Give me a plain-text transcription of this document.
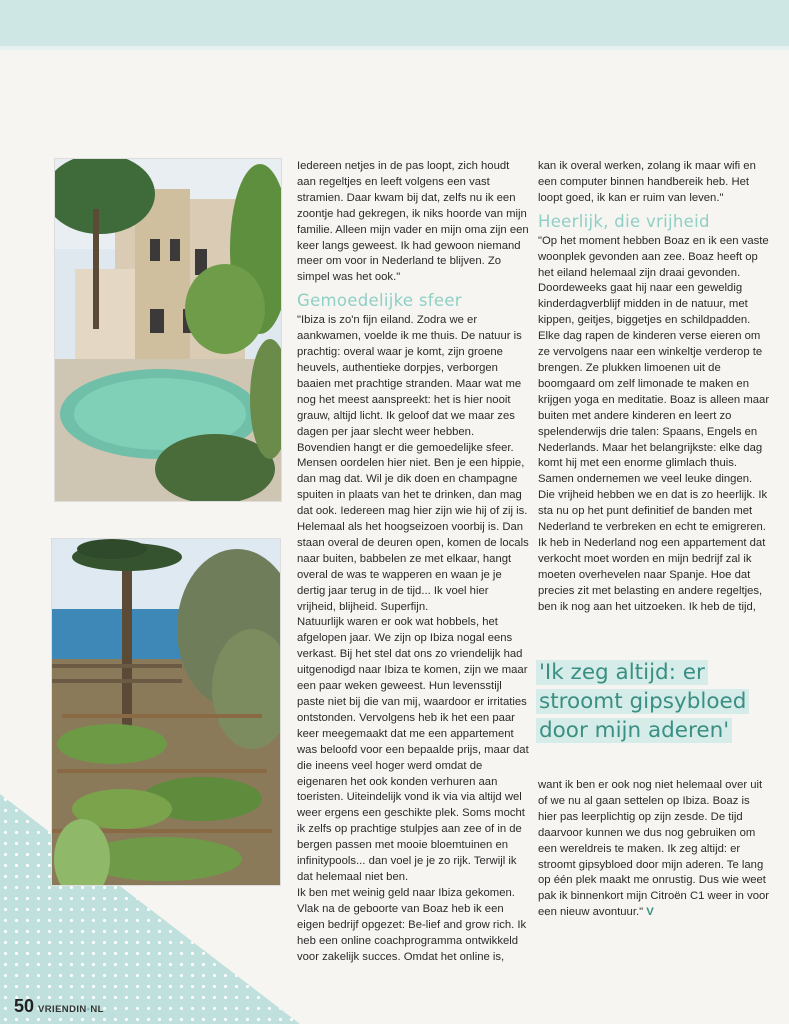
Iedereen netjes in de pas loopt, zich houdt aan regeltjes en leeft volgens een vast stramien. Daar kwam bij dat, zelfs nu ik een zoontje had gekregen, ik niks hoorde van mijn familie. Alleen mijn vader en mijn oma zijn een keer langs geweest. Ik had gewoon niemand meer om voor in Nederland te blijven. Zo simpel was het ook."

Gemoedelijke sfeer

"Ibiza is zo'n fijn eiland. Zodra we er aankwamen, voelde ik me thuis. De natuur is prachtig: overal waar je komt, zijn groene heuvels, authentieke dorpjes, verborgen baaien met prachtige stranden. Maar wat me nog het meest aanspreekt: het is hier nooit grauw, altijd licht. Ik geloof dat we maar zes dagen per jaar slecht weer hebben. Bovendien hangt er die gemoedelijke sfeer. Mensen oordelen hier niet. Ben je een hippie, dan mag dat. Wil je dik doen en champagne spuiten in plaats van het te drinken, dan mag dat ook. Iedereen mag hier zijn wie hij of zij is. Helemaal als het hoogseizoen voorbij is. Dan staan overal de deuren open, komen de locals naar buiten, babbelen ze met elkaar, hangt overal de was te wapperen en waan je je dertig jaar terug in de tijd... Ik voel hier vrijheid, blijheid. Superfijn.

Natuurlijk waren er ook wat hobbels, het afgelopen jaar. We zijn op Ibiza nogal eens verkast. Bij het stel dat ons zo vriendelijk had uitgenodigd naar Ibiza te komen, zijn we maar een paar weken geweest. Hun levensstijl paste niet bij die van mij, waardoor er irritaties ontstonden. Vervolgens heb ik het een paar keer meegemaakt dat me een appartement was beloofd voor een bepaalde prijs, maar dat die ineens veel hoger werd omdat de eigenaren het ook konden verhuren aan toeristen. Uiteindelijk vond ik via via altijd wel weer ergens een geschikte plek. Soms mocht ik zelfs op prachtige stulpjes aan zee of in de bergen passen met mooie bloemtuinen en infinitypools... dan voel je je zo rijk. Terwijl ik dat helemaal niet ben.

Ik ben met weinig geld naar Ibiza gekomen. Vlak na de geboorte van Boaz heb ik een eigen bedrijf opgezet: Be-lief and grow rich. Ik heb een online coachprogramma ontwikkeld voor zakelijk succes. Omdat het online is,

kan ik overal werken, zolang ik maar wifi en een computer binnen handbereik heb. Het loopt goed, ik kan er ruim van leven."

Heerlijk, die vrijheid

"Op het moment hebben Boaz en ik een vaste woonplek gevonden aan zee. Boaz heeft op het eiland helemaal zijn draai gevonden. Doordeweeks gaat hij naar een geweldig kinderdagverblijf midden in de natuur, met kippen, geitjes, biggetjes en schildpadden. Elke dag rapen de kinderen verse eieren om ze vervolgens naar een winkeltje verderop te brengen. Ze plukken limoenen uit de boomgaard om zelf limonade te maken en krijgen yoga en meditatie. Boaz is alleen maar buiten met andere kinderen en leert zo spelenderwijs drie talen: Spaans, Engels en Nederlands. Maar het belangrijkste: elke dag komt hij met een enorme glimlach thuis. Samen ondernemen we veel leuke dingen. Die vrijheid hebben we en dat is zo heerlijk. Ik sta nu op het punt definitief de banden met Nederland te verbreken en echt te emigreren. Ik heb in Nederland nog een appartement dat verkocht moet worden en mijn bedrijf zal ik moeten overhevelen naar Spanje. Hoe dat precies zit met belasting en andere regeltjes, ben ik nog aan het uitzoeken. Ik heb de tijd,

'Ik zeg altijd: er stroomt gipsybloed door mijn aderen'

want ik ben er ook nog niet helemaal over uit of we nu al gaan settelen op Ibiza. Boaz is hier pas leerplichtig op zijn zesde. De tijd daarvoor kunnen we dus nog gebruiken om een wereldreis te maken. Ik zeg altijd: er stroomt gipsybloed door mijn aderen. Te lang op één plek maakt me onrustig. Dus wie weet pak ik binnenkort mijn Citroën C1 weer in voor een nieuw avontuur." V

50 VRIENDIN•NL
